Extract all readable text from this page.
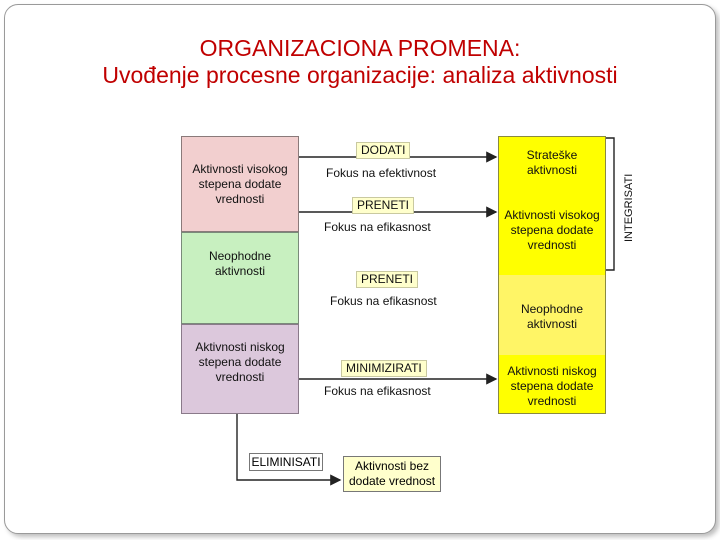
ORGANIZACIONA PROMENA:
Uvođenje procesne organizacije: analiza aktivnosti
Aktivnosti visokog stepena dodate vrednosti
Neophodne aktivnosti
Aktivnosti niskog stepena dodate vrednosti
Strateške aktivnosti
Aktivnosti visokog stepena dodate vrednosti
Neophodne aktivnosti
Aktivnosti niskog stepena dodate vrednosti
DODATI
Fokus na efektivnost
PRENETI
Fokus na efikasnost
PRENETI
Fokus na efikasnost
MINIMIZIRATI
Fokus na efikasnost
ELIMINISATI	Aktivnosti bez dodate vrednost
